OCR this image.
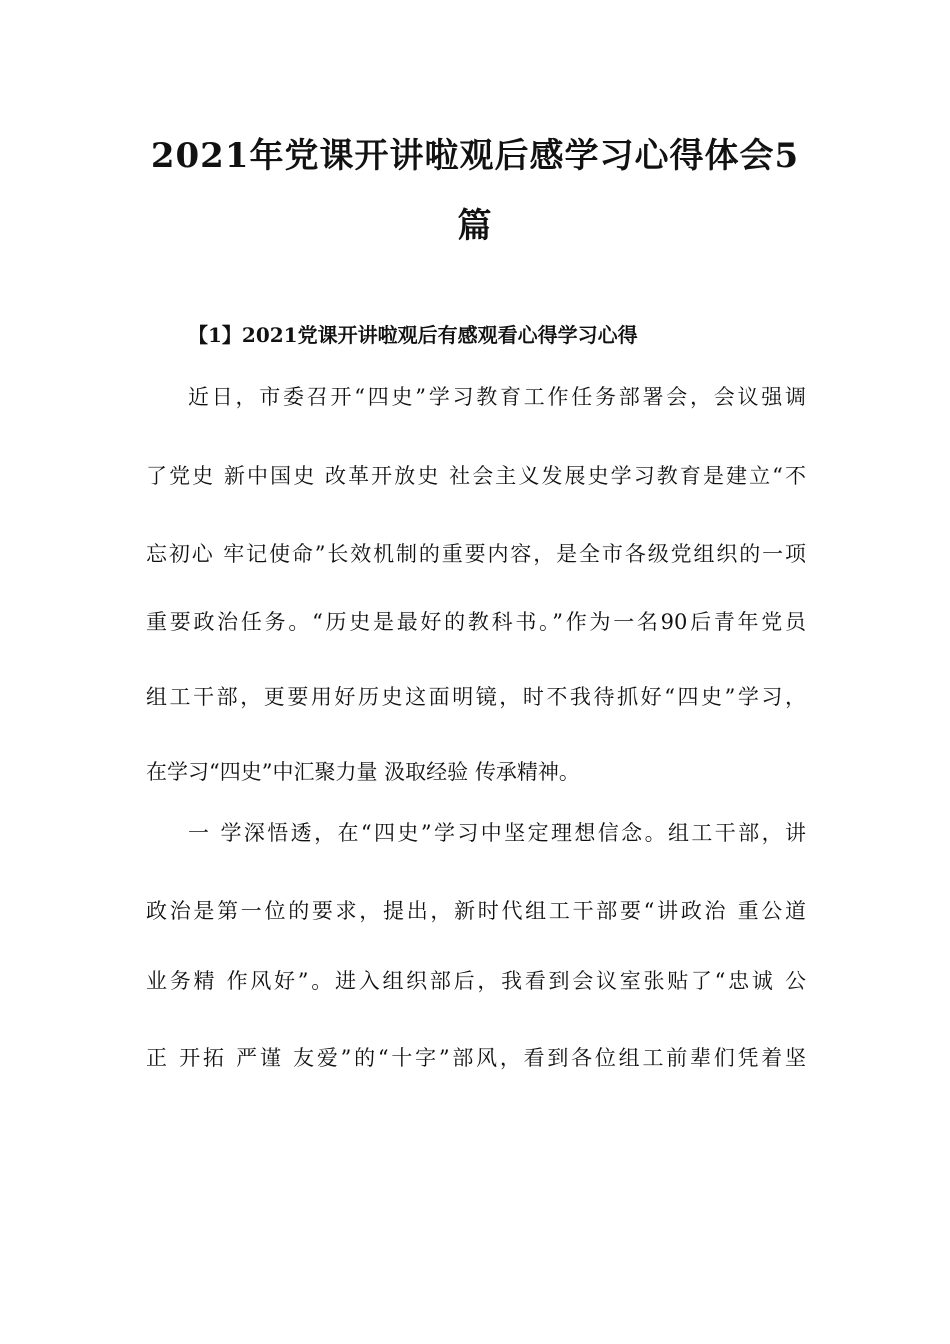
2021年党课开讲啦观后感学习心得体会5
篇
【1】2021党课开讲啦观后有感观看心得学习心得
近日，市委召开“四史”学习教育工作任务部署会，会议强调
了党史 新中国史 改革开放史 社会主义发展史学习教育是建立“不
忘初心 牢记使命”长效机制的重要内容，是全市各级党组织的一项
重要政治任务。“历史是最好的教科书。”作为一名90后青年党员
组工干部，更要用好历史这面明镜，时不我待抓好“四史”学习，
在学习“四史”中汇聚力量 汲取经验 传承精神。
一 学深悟透，在“四史”学习中坚定理想信念。组工干部，讲
政治是第一位的要求，提出，新时代组工干部要“讲政治 重公道
业务精 作风好”。进入组织部后，我看到会议室张贴了“忠诚 公
正 开拓 严谨 友爱”的“十字”部风，看到各位组工前辈们凭着坚
